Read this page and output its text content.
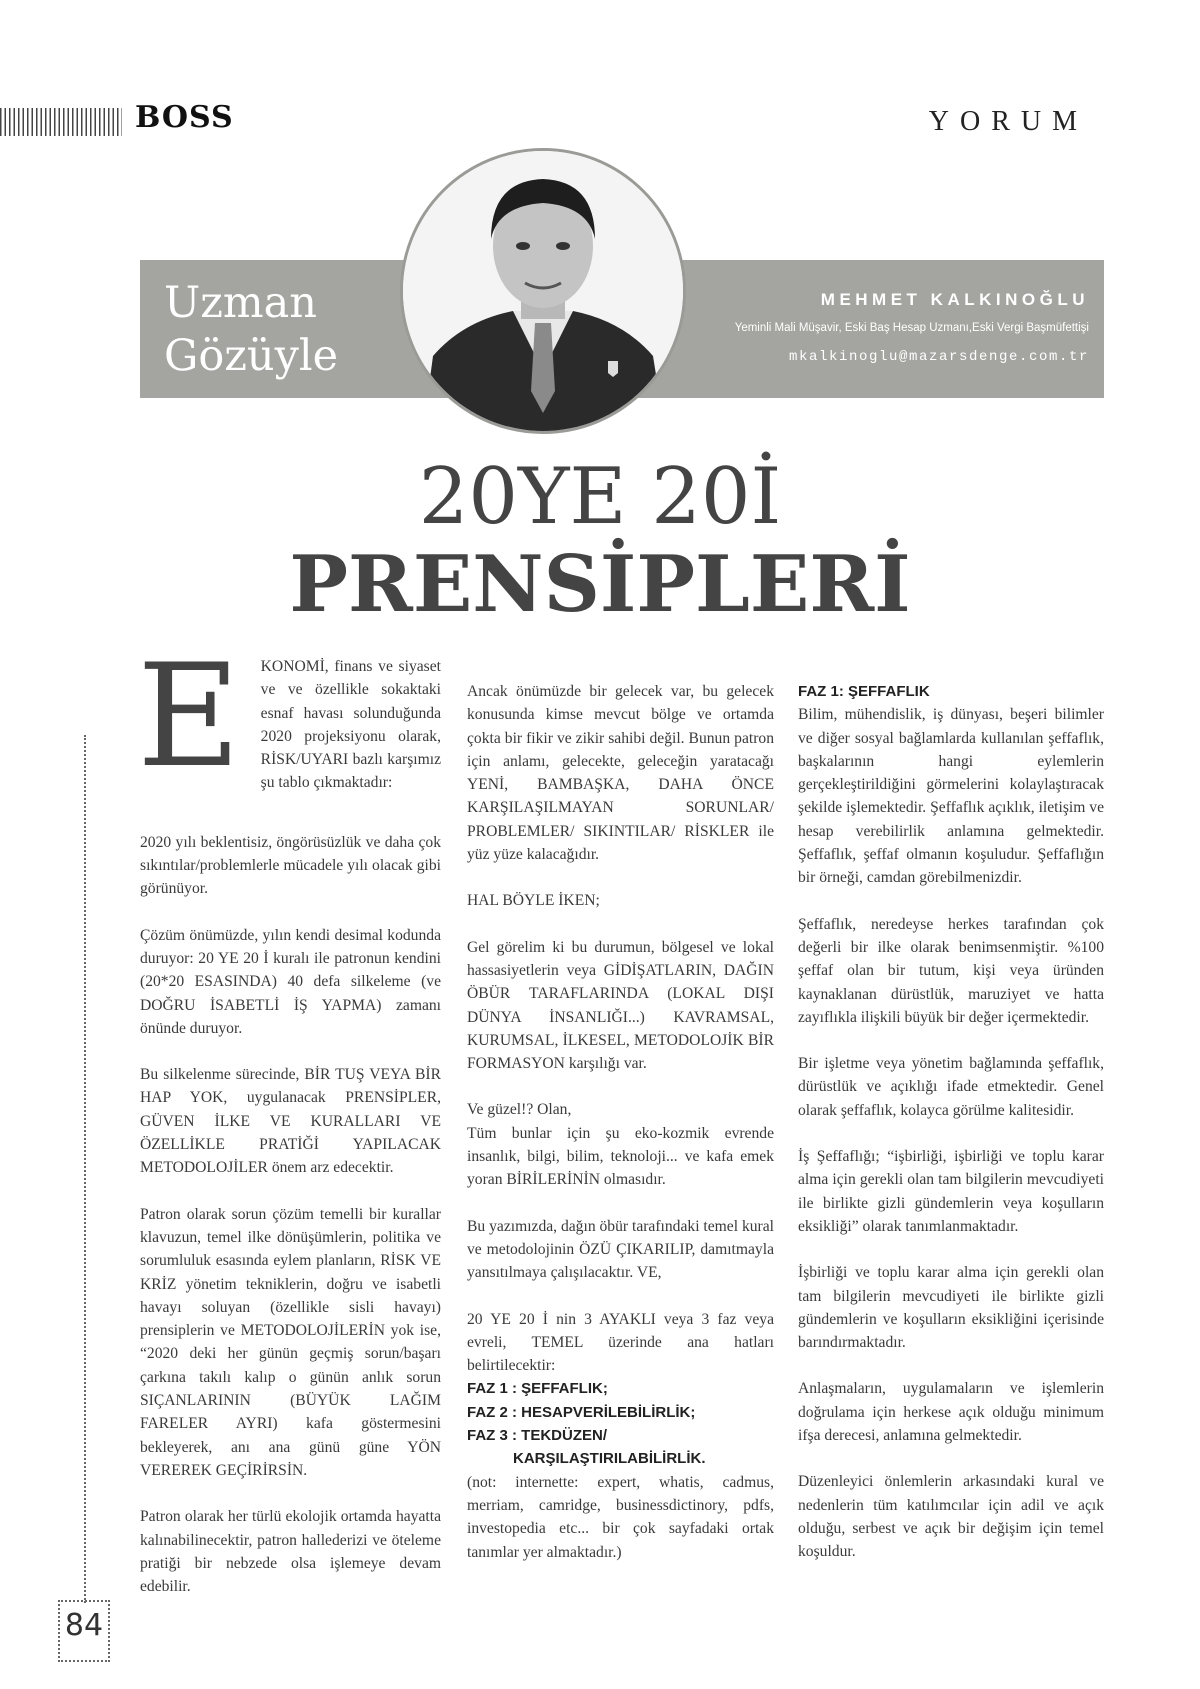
BOSS	YORUM
Uzman
Gözüyle
MEHMET KALKINOĞLU
Yeminli Mali Müşavir, Eski Baş Hesap Uzmanı,Eski Vergi Başmüfettişi
mkalkinoglu@mazarsdenge.com.tr
20YE 20İ
PRENSİPLERİ
E	KONOMİ, finans ve siyaset ve ve özellikle sokaktaki esnaf havası solunduğunda 2020 projeksiyonu olarak, RİSK/UYARI bazlı karşımız şu tablo çıkmaktadır:

2020 yılı beklentisiz, öngörüsüzlük ve daha çok sıkıntılar/problemlerle mücadele yılı olacak gibi görünüyor.

Çözüm önümüzde, yılın kendi desimal kodunda duruyor: 20 YE 20 İ kuralı ile patronun kendini (20*20 ESASINDA) 40 defa silkeleme (ve DOĞRU İSABETLİ İŞ YAPMA) zamanı önünde duruyor.

Bu silkelenme sürecinde, BİR TUŞ VEYA BİR HAP YOK, uygulanacak PRENSİPLER, GÜVEN İLKE VE KURALLARI VE ÖZELLİKLE PRATİĞİ YAPILACAK METODOLOJİLER önem arz edecektir.

Patron olarak sorun çözüm temelli bir kurallar klavuzun, temel ilke dönüşümlerin, politika ve sorumluluk esasında eylem planların, RİSK VE KRİZ yönetim tekniklerin, doğru ve isabetli havayı soluyan (özellikle sisli havayı) prensiplerin ve METODOLOJİLERİN yok ise, “2020 deki her günün geçmiş sorun/başarı çarkına takılı kalıp o günün anlık sorun SIÇANLARININ (BÜYÜK LAĞIM FARELER AYRI) kafa göstermesini bekleyerek, anı ana günü güne YÖN VEREREK GEÇİRİRSİN.

Patron olarak her türlü ekolojik ortamda hayatta kalınabilinecektir, patron hallederizi ve öteleme pratiği bir nebzede olsa işlemeye devam edebilir.

Ancak önümüzde bir gelecek var, bu gelecek konusunda kimse mevcut bölge ve ortamda çokta bir fikir ve zikir sahibi değil. Bunun patron için anlamı, gelecekte, geleceğin yaratacağı YENİ, BAMBAŞKA, DAHA ÖNCE KARŞILAŞILMAYAN SORUNLAR/ PROBLEMLER/ SIKINTILAR/ RİSKLER ile yüz yüze kalacağıdır.

HAL BÖYLE İKEN;

Gel görelim ki bu durumun, bölgesel ve lokal hassasiyetlerin veya GİDİŞATLARIN, DAĞIN ÖBÜR TARAFLARINDA (LOKAL DIŞI DÜNYA İNSANLIĞI...) KAVRAMSAL, KURUMSAL, İLKESEL, METODOLOJİK BİR FORMASYON karşılığı var.

Ve güzel!? Olan,
Tüm bunlar için şu eko-kozmik evrende insanlık, bilgi, bilim, teknoloji... ve kafa emek yoran BİRİLERİNİN olmasıdır.

Bu yazımızda, dağın öbür tarafındaki temel kural ve metodolojinin ÖZÜ ÇIKARILIP, damıtmayla yansıtılmaya çalışılacaktır. VE,

20 YE 20 İ nin 3 AYAKLI veya 3 faz veya evreli, TEMEL üzerinde ana hatları belirtilecektir:

FAZ 1 : ŞEFFAFLIK;
FAZ 2 : HESAPVERİLEBİLİRLİK;
FAZ 3 : TEKDÜZEN/
KARŞILAŞTIRILABİLİRLİK.

(not: internette: expert, whatis, cadmus, merriam, camridge, businessdictinory, pdfs, investopedia etc... bir çok sayfadaki ortak tanımlar yer almaktadır.)

FAZ 1: ŞEFFAFLIK

Bilim, mühendislik, iş dünyası, beşeri bilimler ve diğer sosyal bağlamlarda kullanılan şeffaflık, başkalarının hangi eylemlerin gerçekleştirildiğini görmelerini kolaylaştıracak şekilde işlemektedir. Şeffaflık açıklık, iletişim ve hesap verebilirlik anlamına gelmektedir. Şeffaflık, şeffaf olmanın koşuludur. Şeffaflığın bir örneği, camdan görebilmenizdir.

Şeffaflık, neredeyse herkes tarafından çok değerli bir ilke olarak benimsenmiştir. %100 şeffaf olan bir tutum, kişi veya üründen kaynaklanan dürüstlük, maruziyet ve hatta zayıflıkla ilişkili büyük bir değer içermektedir.

Bir işletme veya yönetim bağlamında şeffaflık, dürüstlük ve açıklığı ifade etmektedir. Genel olarak şeffaflık, kolayca görülme kalitesidir.

İş Şeffaflığı; “işbirliği, işbirliği ve toplu karar alma için gerekli olan tam bilgilerin mevcudiyeti ile birlikte gizli gündemlerin veya koşulların eksikliği” olarak tanımlanmaktadır.

İşbirliği ve toplu karar alma için gerekli olan tam bilgilerin mevcudiyeti ile birlikte gizli gündemlerin ve koşulların eksikliğini içerisinde barındırmaktadır.

Anlaşmaların, uygulamaların ve işlemlerin doğrulama için herkese açık olduğu minimum ifşa derecesi, anlamına gelmektedir.

Düzenleyici önlemlerin arkasındaki kural ve nedenlerin tüm katılımcılar için adil ve açık olduğu, serbest ve açık bir değişim için temel koşuldur.

84
